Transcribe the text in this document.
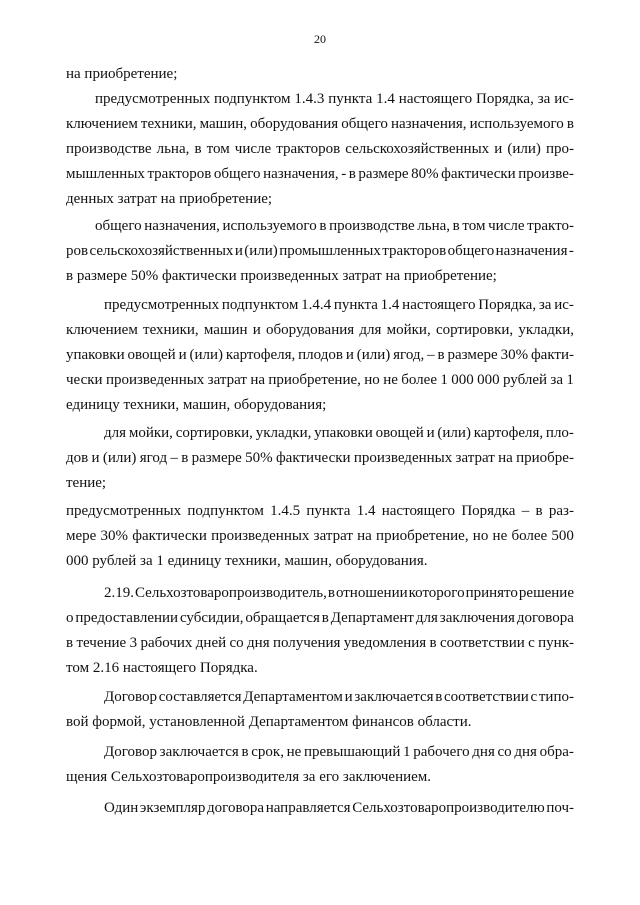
20
на приобретение;
предусмотренных подпунктом 1.4.3 пункта 1.4 настоящего Порядка, за ис-
ключением техники, машин, оборудования общего назначения, используемого в
производстве льна, в том числе тракторов сельскохозяйственных и (или) про-
мышленных тракторов общего назначения, - в размере 80% фактически произве-
денных затрат на приобретение;
общего назначения, используемого в производстве льна, в том числе тракто-
ров сельскохозяйственных и (или) промышленных тракторов общего назначения -
в размере 50% фактически произведенных затрат на приобретение;
предусмотренных подпунктом 1.4.4 пункта 1.4 настоящего Порядка, за ис-
ключением техники, машин и оборудования для мойки, сортировки, укладки,
упаковки овощей и (или) картофеля, плодов и (или) ягод, – в размере 30% факти-
чески произведенных затрат на приобретение, но не более 1 000 000 рублей за 1
единицу техники, машин, оборудования;
для мойки, сортировки, укладки, упаковки овощей и (или) картофеля, пло-
дов и (или) ягод – в размере 50% фактически произведенных затрат на приобре-
тение;
предусмотренных подпунктом 1.4.5 пункта 1.4 настоящего Порядка – в раз-
мере 30% фактически произведенных затрат на приобретение, но не более 500
000 рублей за 1 единицу техники, машин, оборудования.
2.19. Сельхозтоваропроизводитель, в отношении которого принято решение
о предоставлении субсидии, обращается в Департамент для заключения договора
в течение 3 рабочих дней со дня получения уведомления в соответствии с пунк-
том 2.16 настоящего Порядка.
Договор составляется Департаментом и заключается в соответствии с типо-
вой формой, установленной Департаментом финансов области.
Договор заключается в срок, не превышающий 1 рабочего дня со дня обра-
щения Сельхозтоваропроизводителя за его заключением.
Один экземпляр договора направляется Сельхозтоваропроизводителю поч-
